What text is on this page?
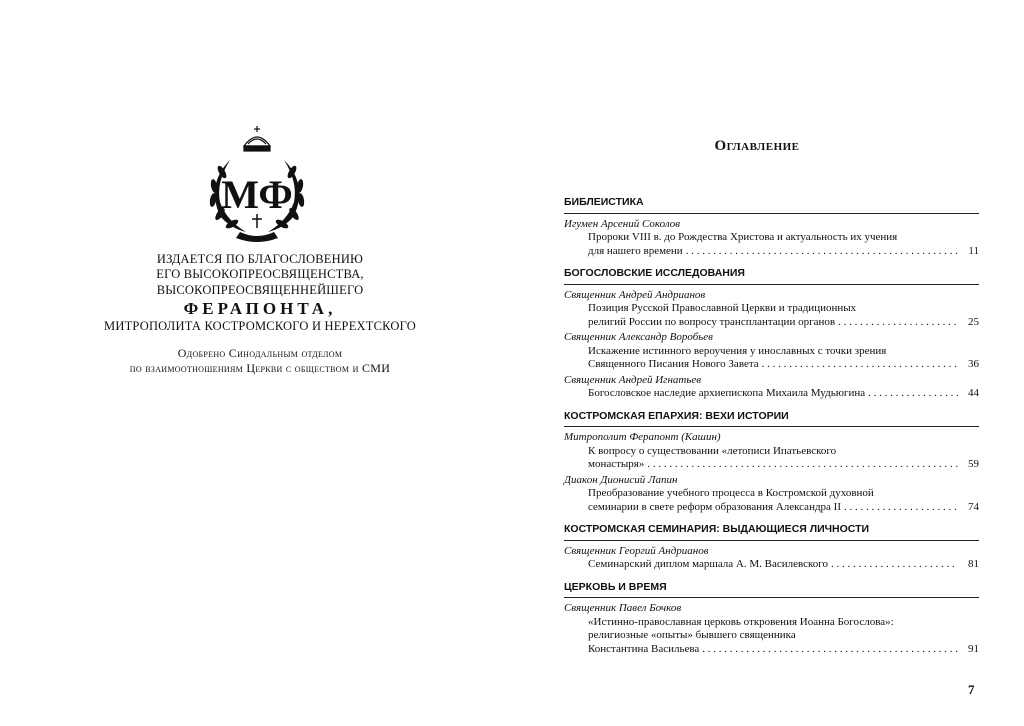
МФ
ИЗДАЕТСЯ ПО БЛАГОСЛОВЕНИЮ
ЕГО ВЫСОКОПРЕОСВЯЩЕНСТВА,
ВЫСОКОПРЕОСВЯЩЕННЕЙШЕГО
ФЕРАПОНТА,
МИТРОПОЛИТА КОСТРОМСКОГО И НЕРЕХТСКОГО
Одобрено Синодальным отделом
по взаимоотношениям Церкви с обществом и СМИ
Оглавление
БИБЛЕИСТИКА
Игумен Арсений Соколов
Пророки VIII в. до Рождества Христова и актуальность их учения
для нашего времени . . .	11
БОГОСЛОВСКИЕ ИССЛЕДОВАНИЯ
Священник Андрей Андрианов
Позиция Русской Православной Церкви и традиционных
религий России по вопросу трансплантации органов . . .	25
Священник Александр Воробьев
Искажение истинного вероучения у инославных с точки зрения
Священного Писания Нового Завета . . .	36
Священник Андрей Игнатьев
Богословское наследие архиепископа Михаила Мудьюгина . . .	44
КОСТРОМСКАЯ ЕПАРХИЯ: ВЕХИ ИСТОРИИ
Митрополит Ферапонт (Кашин)
К вопросу о существовании «летописи Ипатьевского
монастыря» . . .	59
Диакон Дионисий Лапин
Преобразование учебного процесса в Костромской духовной
семинарии в свете реформ образования Александра II . . .	74
КОСТРОМСКАЯ СЕМИНАРИЯ: ВЫДАЮЩИЕСЯ ЛИЧНОСТИ
Священник Георгий Андрианов
Семинарский диплом маршала А. М. Василевского . . .	81
ЦЕРКОВЬ И ВРЕМЯ
Священник Павел Бочков
«Истинно-православная церковь откровения Иоанна Богослова»:
религиозные «опыты» бывшего священника
Константина Васильева . . .	91
7
